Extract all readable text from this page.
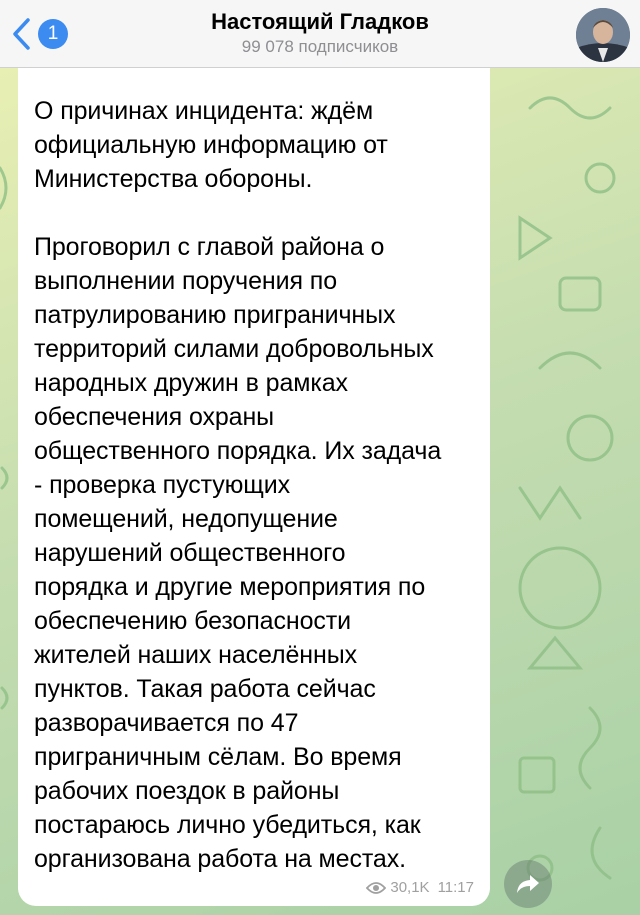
1	Настоящий Гладков
99 078 подписчиков
О причинах инцидента: ждём
официальную информацию от
Министерства обороны.

Проговорил с главой района о
выполнении поручения по
патрулированию приграничных
территорий силами добровольных
народных дружин в рамках
обеспечения охраны
общественного порядка. Их задача
- проверка пустующих
помещений, недопущение
нарушений общественного
порядка и другие мероприятия по
обеспечению безопасности
жителей наших населённых
пунктов. Такая работа сейчас
разворачивается по 47
приграничным сёлам. Во время
рабочих поездок в районы
постараюсь лично убедиться, как
организована работа на местах.
30,1K 11:17
